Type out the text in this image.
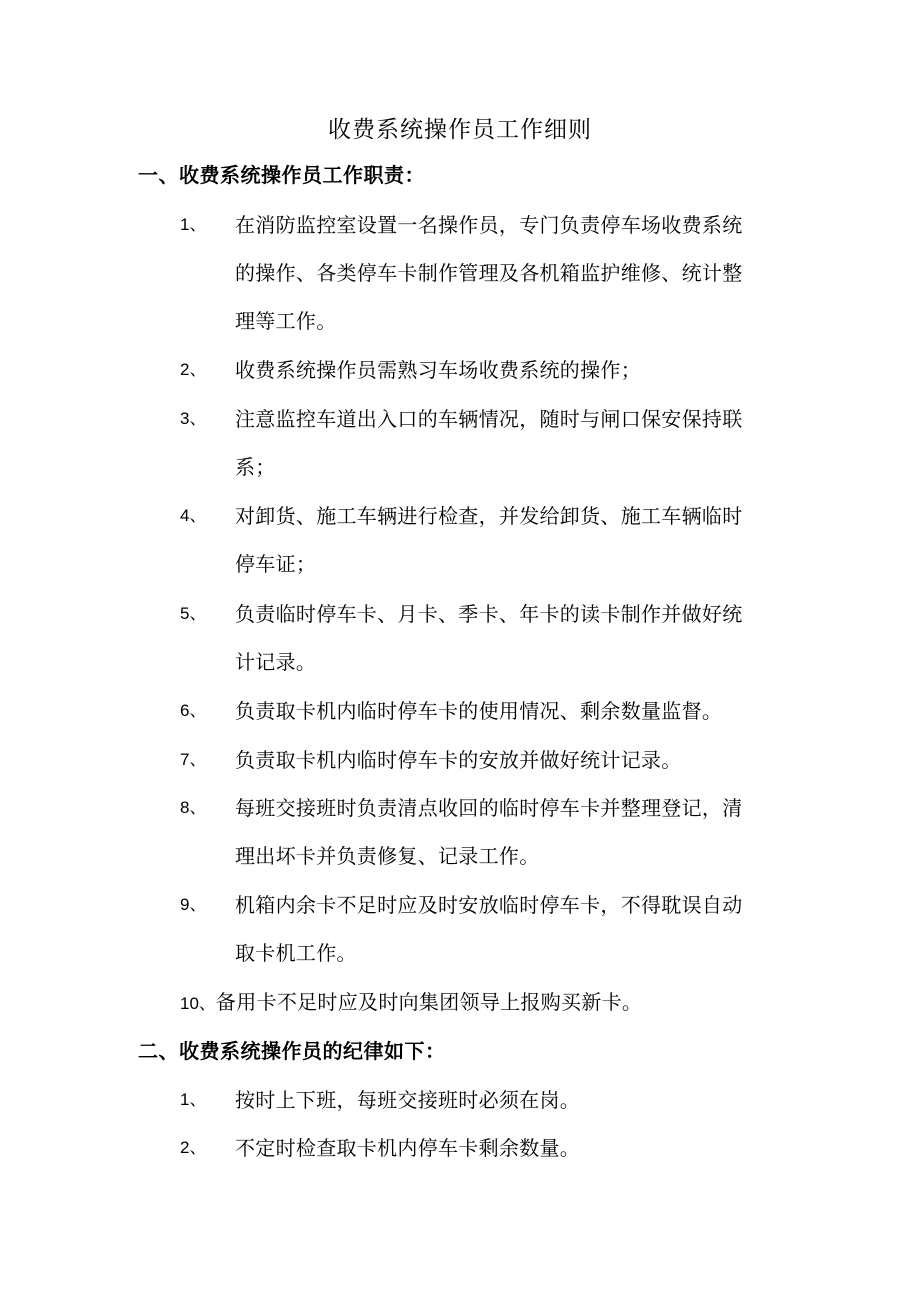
收费系统操作员工作细则
一、收费系统操作员工作职责：
1、 在消防监控室设置一名操作员，专门负责停车场收费系统
的操作、各类停车卡制作管理及各机箱监护维修、统计整
理等工作。
2、 收费系统操作员需熟习车场收费系统的操作；
3、 注意监控车道出入口的车辆情况，随时与闸口保安保持联
系；
4、 对卸货、施工车辆进行检查，并发给卸货、施工车辆临时
停车证；
5、 负责临时停车卡、月卡、季卡、年卡的读卡制作并做好统
计记录。
6、 负责取卡机内临时停车卡的使用情况、剩余数量监督。
7、 负责取卡机内临时停车卡的安放并做好统计记录。
8、 每班交接班时负责清点收回的临时停车卡并整理登记，清
理出坏卡并负责修复、记录工作。
9、 机箱内余卡不足时应及时安放临时停车卡，不得耽误自动
取卡机工作。
10、备用卡不足时应及时向集团领导上报购买新卡。
二、收费系统操作员的纪律如下：
1、 按时上下班，每班交接班时必须在岗。
2、 不定时检查取卡机内停车卡剩余数量。
